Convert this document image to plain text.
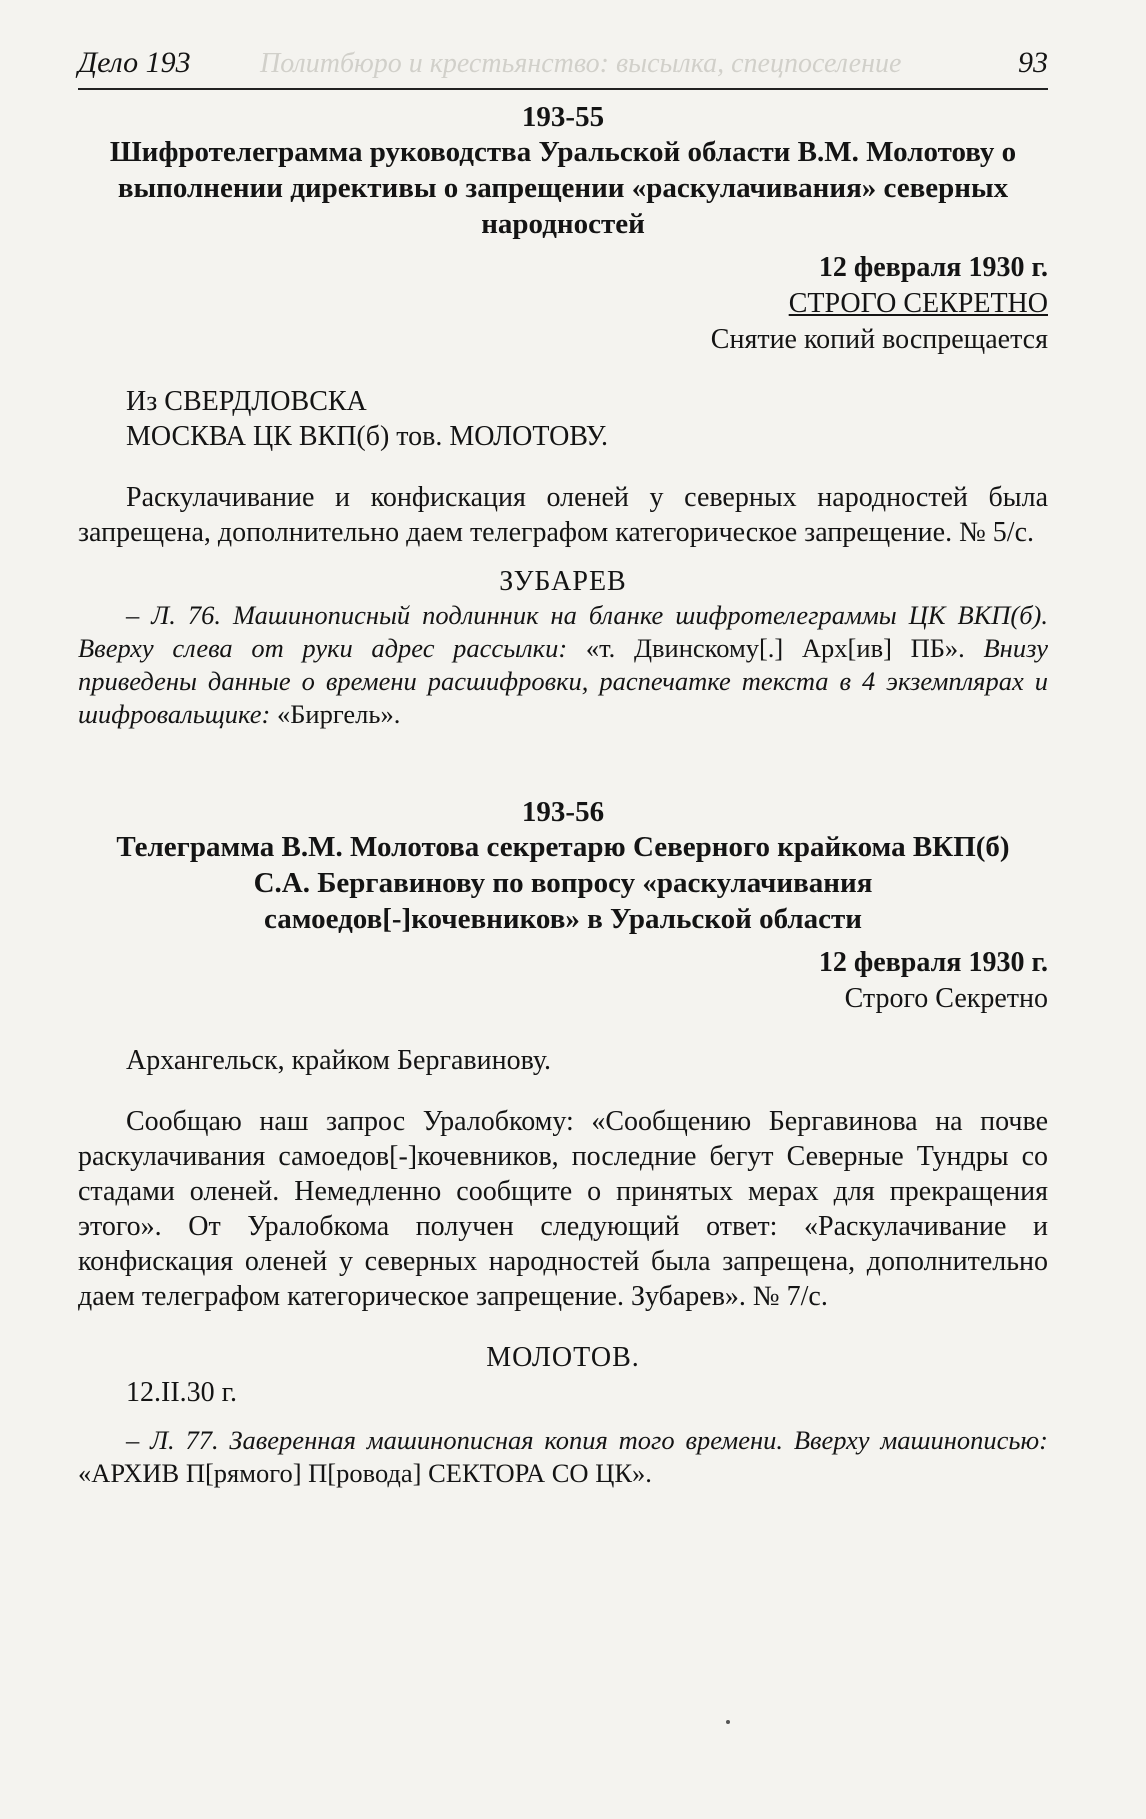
Политбюро и крестьянство: высылка, спецпоселение
Дело 193	93
193-55
Шифротелеграмма руководства Уральской области В.М. Молотову о выполнении директивы о запрещении «раскулачивания» северных народностей
12 февраля 1930 г.
СТРОГО СЕКРЕТНО
Снятие копий воспрещается
Из СВЕРДЛОВСКА
МОСКВА ЦК ВКП(б) тов. МОЛОТОВУ.
Раскулачивание и конфискация оленей у северных народностей была запрещена, дополнительно даем телеграфом категорическое запрещение. № 5/с.
ЗУБАРЕВ
– Л. 76. Машинописный подлинник на бланке шифротелеграммы ЦК ВКП(б). Вверху слева от руки адрес рассылки: «т. Двинскому[.] Арх[ив] ПБ». Внизу приведены данные о времени расшифровки, распечатке текста в 4 экземплярах и шифровальщике: «Биргель».
193-56
Телеграмма В.М. Молотова секретарю Северного крайкома ВКП(б) С.А. Бергавинову по вопросу «раскулачивания самоедов[-]кочевников» в Уральской области
12 февраля 1930 г.
Строго Секретно
Архангельск, крайком Бергавинову.
Сообщаю наш запрос Уралобкому: «Сообщению Бергавинова на почве раскулачивания самоедов[-]кочевников, последние бегут Северные Тундры со стадами оленей. Немедленно сообщите о принятых мерах для прекращения этого». От Уралобкома получен следующий ответ: «Раскулачивание и конфискация оленей у северных народностей была запрещена, дополнительно даем телеграфом категорическое запрещение. Зубарев». № 7/с.
МОЛОТОВ.
12.II.30 г.
– Л. 77. Заверенная машинописная копия того времени. Вверху машинописью: «АРХИВ П[рямого] П[ровода] СЕКТОРА СО ЦК».
